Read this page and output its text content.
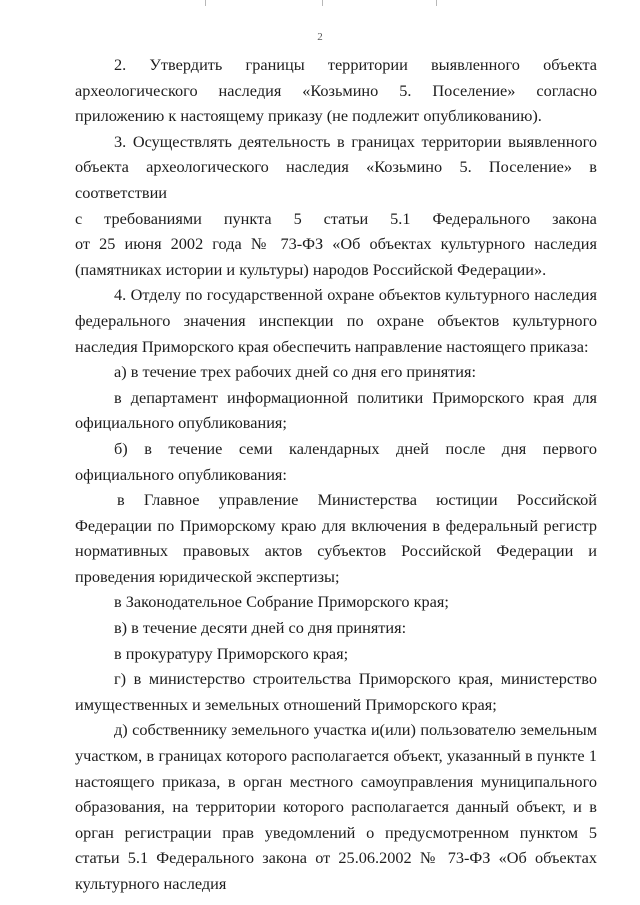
2

2. Утвердить границы территории выявленного объекта археологического наследия «Козьмино 5. Поселение» согласно приложению к настоящему приказу (не подлежит опубликованию).

3. Осуществлять деятельность в границах территории выявленного объекта археологического наследия «Козьмино 5. Поселение» в соответствии

с требованиями пункта 5 статьи 5.1 Федерального закона

от 25 июня 2002 года № 73-ФЗ «Об объектах культурного наследия (памятниках истории и культуры) народов Российской Федерации».

4. Отделу по государственной охране объектов культурного наследия федерального значения инспекции по охране объектов культурного наследия Приморского края обеспечить направление настоящего приказа:

а) в течение трех рабочих дней со дня его принятия:

в департамент информационной политики Приморского края для официального опубликования;

б) в течение семи календарных дней после дня первого официального опубликования:

в Главное управление Министерства юстиции Российской Федерации по Приморскому краю для включения в федеральный регистр нормативных правовых актов субъектов Российской Федерации и проведения юридической экспертизы;

в Законодательное Собрание Приморского края;

в) в течение десяти дней со дня принятия:

в прокуратуру Приморского края;

г) в министерство строительства Приморского края, министерство имущественных и земельных отношений Приморского края;

д) собственнику земельного участка и(или) пользователю земельным участком, в границах которого располагается объект, указанный в пункте 1 настоящего приказа, в орган местного самоуправления муниципального образования, на территории которого располагается данный объект, и в орган регистрации прав уведомлений о предусмотренном пунктом 5 статьи 5.1 Федерального закона от 25.06.2002 № 73-ФЗ «Об объектах культурного наследия
